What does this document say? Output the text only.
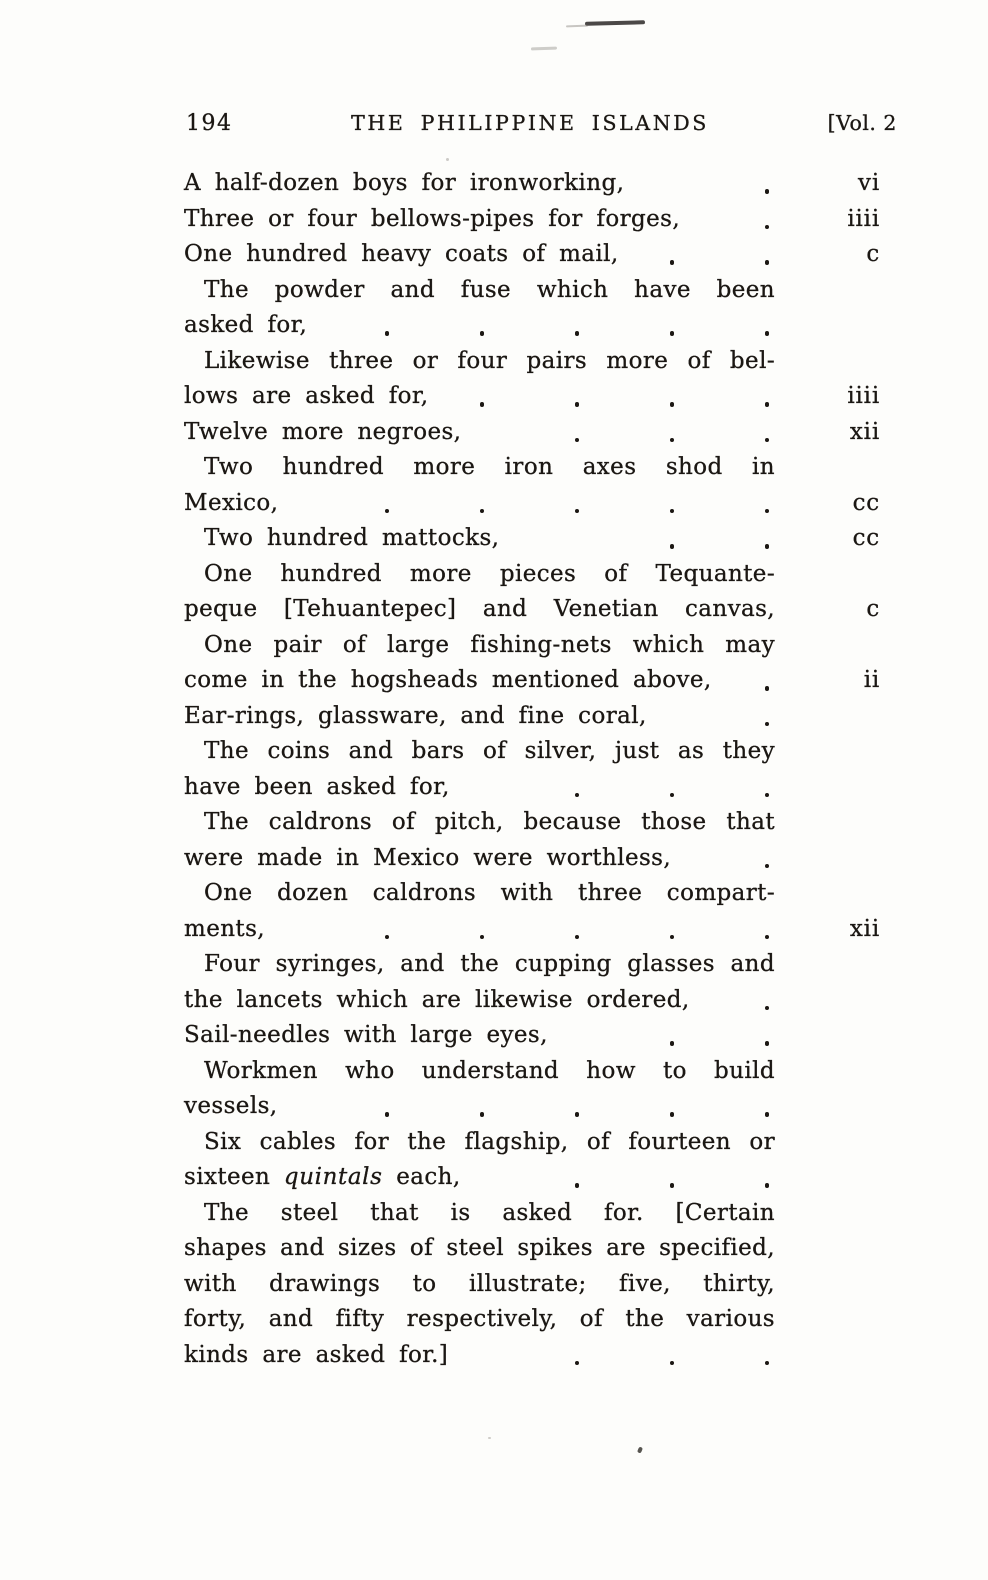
194	THE PHILIPPINE ISLANDS	[Vol. 2
A half-dozen boys for ironworking,	vi
Three or four bellows-pipes for forges,	iiii
One hundred heavy coats of mail,	c
The powder and fuse which have been
asked for,
Likewise three or four pairs more of bel-
lows are asked for,	iiii
Twelve more negroes,	xii
Two hundred more iron axes shod in
Mexico,	cc
Two hundred mattocks,	cc
One hundred more pieces of Tequante-
peque [Tehuantepec] and Venetian canvas,	c
One pair of large fishing-nets which may
come in the hogsheads mentioned above,	ii
Ear-rings, glassware, and fine coral,
The coins and bars of silver, just as they
have been asked for,
The caldrons of pitch, because those that
were made in Mexico were worthless,
One dozen caldrons with three compart-
ments,	xii
Four syringes, and the cupping glasses and
the lancets which are likewise ordered,
Sail-needles with large eyes,
Workmen who understand how to build
vessels,
Six cables for the flagship, of fourteen or
sixteen quintals each,
The steel that is asked for. [Certain
shapes and sizes of steel spikes are specified,
with drawings to illustrate; five, thirty,
forty, and fifty respectively, of the various
kinds are asked for.]
